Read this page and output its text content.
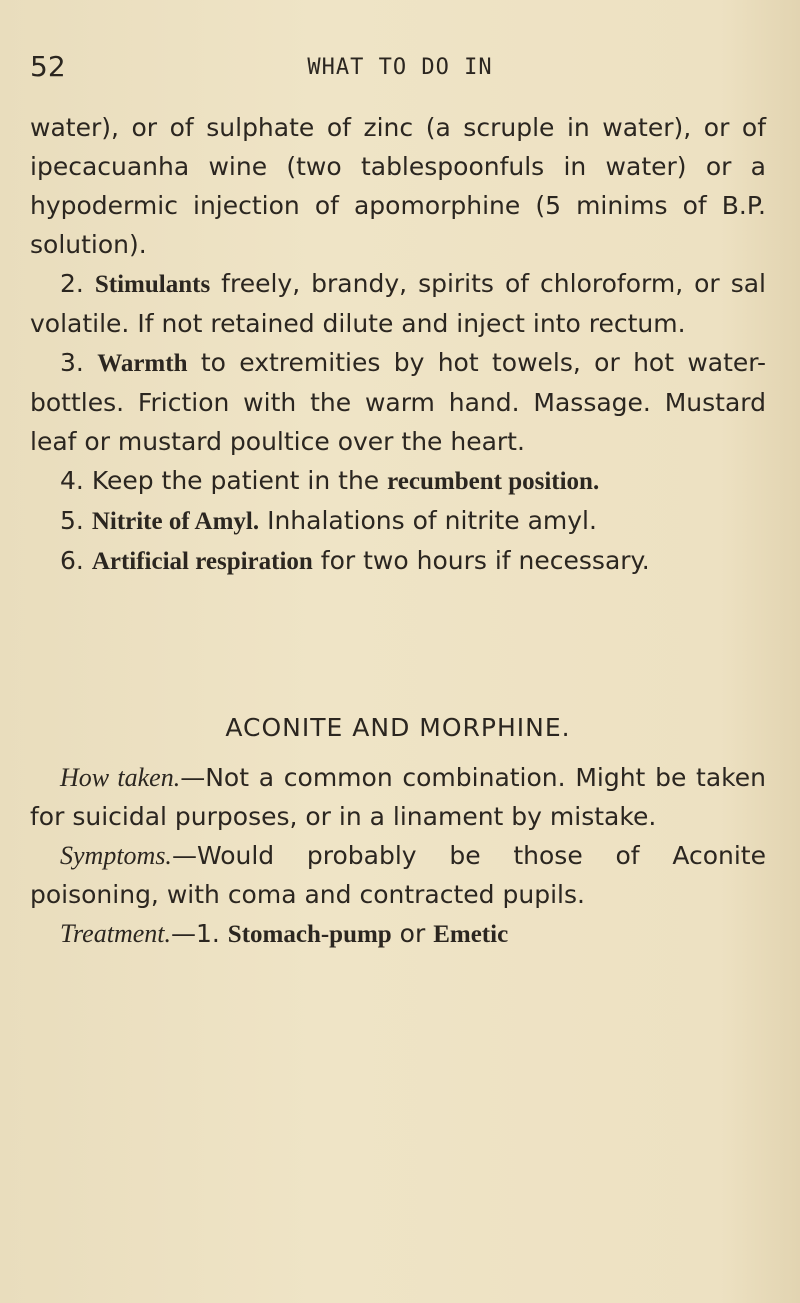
52	WHAT TO DO IN

water), or of sulphate of zinc (a scruple in water), or of ipecacuanha wine (two tablespoonfuls in water) or a hypodermic injection of apomorphine (5 minims of B.P. solution).

2. Stimulants freely, brandy, spirits of chloroform, or sal volatile. If not retained dilute and inject into rectum.

3. Warmth to extremities by hot towels, or hot water-bottles. Friction with the warm hand. Massage. Mustard leaf or mustard poultice over the heart.

4. Keep the patient in the recumbent position.

5. Nitrite of Amyl. Inhalations of nitrite amyl.

6. Artificial respiration for two hours if necessary.

ACONITE AND MORPHINE.

How taken.—Not a common combination. Might be taken for suicidal purposes, or in a linament by mistake.

Symptoms.—Would probably be those of Aconite poisoning, with coma and contracted pupils.

Treatment.—1. Stomach-pump or Emetic
